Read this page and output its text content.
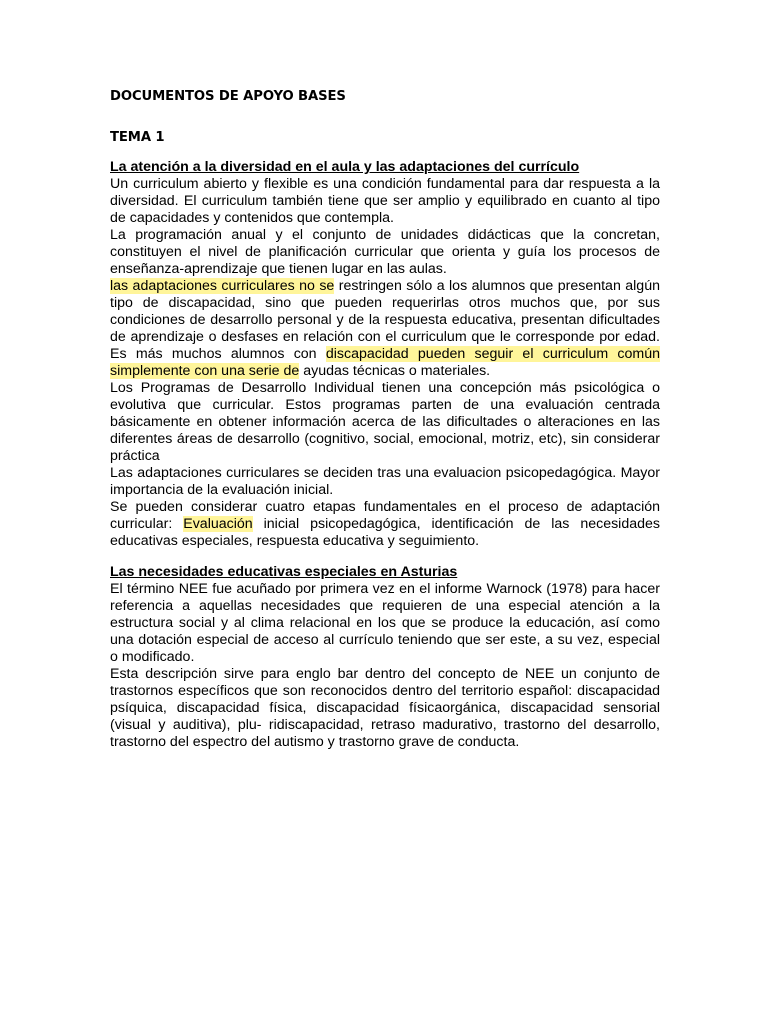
DOCUMENTOS DE APOYO BASES
TEMA 1
La atención a la diversidad en el aula y las adaptaciones del currículo

Un curriculum abierto y flexible es una condición fundamental para dar respuesta a la diversidad. El curriculum también tiene que ser amplio y equilibrado en cuanto al tipo de capacidades y contenidos que contempla.

La programación anual y el conjunto de unidades didácticas que la concretan, constituyen el nivel de planificación curricular que orienta y guía los procesos de enseñanza-aprendizaje que tienen lugar en las aulas.

las adaptaciones curriculares no se restringen sólo a los alumnos que presentan algún tipo de discapacidad, sino que pueden requerirlas otros muchos que, por sus condiciones de desarrollo personal y de la respuesta educativa, presentan dificultades de aprendizaje o desfases en relación con el curriculum que le corresponde por edad. Es más muchos alumnos con discapacidad pueden seguir el curriculum común simplemente con una serie de ayudas técnicas o materiales.

Los Programas de Desarrollo Individual tienen una concepción más psicológica o evolutiva que curricular. Estos programas parten de una evaluación centrada básicamente en obtener información acerca de las dificultades o alteraciones en las diferentes áreas de desarrollo (cognitivo, social, emocional, motriz, etc), sin considerar práctica

Las adaptaciones curriculares se deciden tras una evaluacion psicopedagógica. Mayor importancia de la evaluación inicial.

Se pueden considerar cuatro etapas fundamentales en el proceso de adaptación curricular: Evaluación inicial psicopedagógica, identificación de las necesidades educativas especiales, respuesta educativa y seguimiento.

Las necesidades educativas especiales en Asturias

El término NEE fue acuñado por primera vez en el informe Warnock (1978) para hacer referencia a aquellas necesidades que requieren de una especial atención a la estructura social y al clima relacional en los que se produce la educación, así como una dotación especial de acceso al currículo teniendo que ser este, a su vez, especial o modificado.

Esta descripción sirve para englo bar dentro del concepto de NEE un conjunto de trastornos específicos que son reconocidos dentro del territorio español: discapacidad psíquica, discapacidad física, discapacidad físicaorgánica, discapacidad sensorial (visual y auditiva), plu- ridiscapacidad, retraso madurativo, trastorno del desarrollo, trastorno del espectro del autismo y trastorno grave de conducta.
